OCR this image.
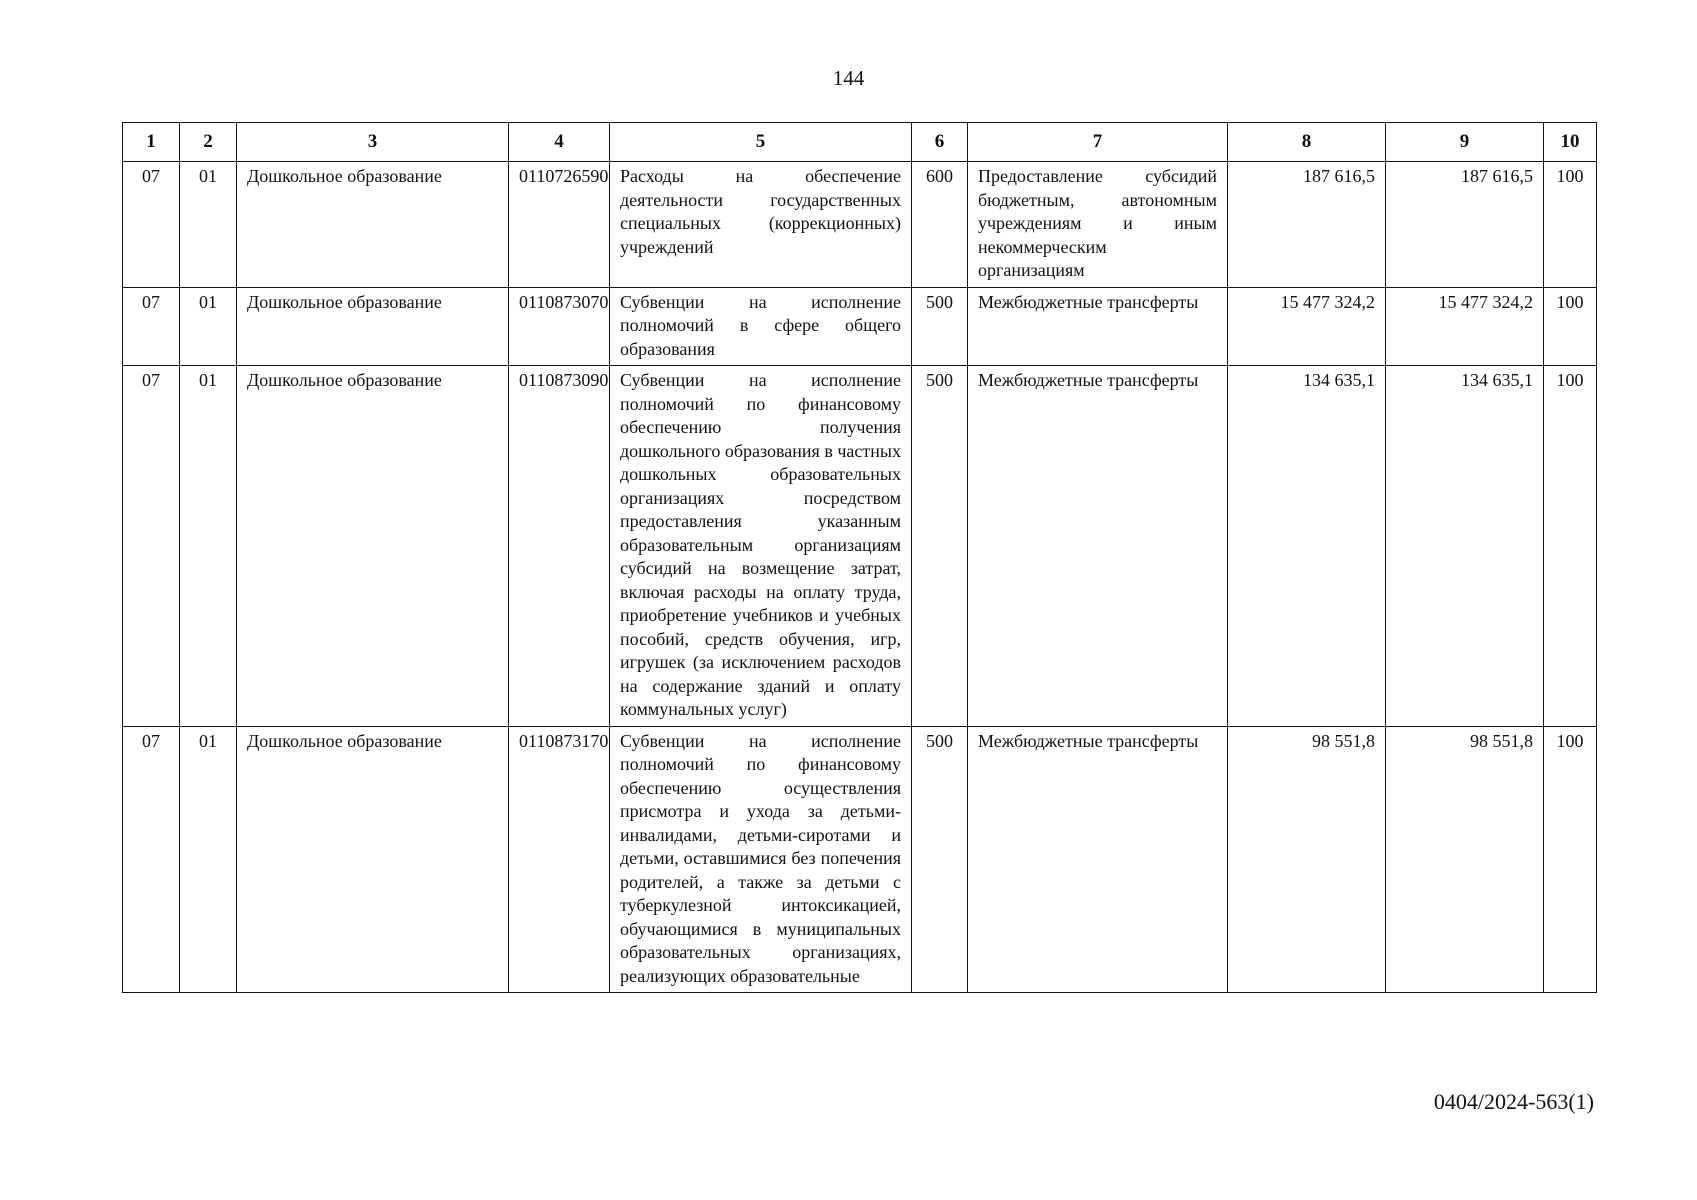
144
1	2	3	4	5	6	7	8	9	10
07	01	Дошкольное образование	0110726590	Расходы на обеспечение деятельности государственных специальных (коррекционных) учреждений	600	Предоставление субсидий бюджетным, автономным учреждениям и иным некоммерческим организациям	187 616,5	187 616,5	100
07	01	Дошкольное образование	0110873070	Субвенции на исполнение полномочий в сфере общего образования	500	Межбюджетные трансферты	15 477 324,2	15 477 324,2	100
07	01	Дошкольное образование	0110873090	Субвенции на исполнение полномочий по финансовому обеспечению получения дошкольного образования в частных дошкольных образовательных организациях посредством предоставления указанным образовательным организациям субсидий на возмещение затрат, включая расходы на оплату труда, приобретение учебников и учебных пособий, средств обучения, игр, игрушек (за исключением расходов на содержание зданий и оплату коммунальных услуг)	500	Межбюджетные трансферты	134 635,1	134 635,1	100
07	01	Дошкольное образование	0110873170	Субвенции на исполнение полномочий по финансовому обеспечению осуществления присмотра и ухода за детьми-инвалидами, детьми-сиротами и детьми, оставшимися без попечения родителей, а также за детьми с туберкулезной интоксикацией, обучающимися в муниципальных образовательных организациях, реализующих образовательные	500	Межбюджетные трансферты	98 551,8	98 551,8	100
0404/2024-563(1)
